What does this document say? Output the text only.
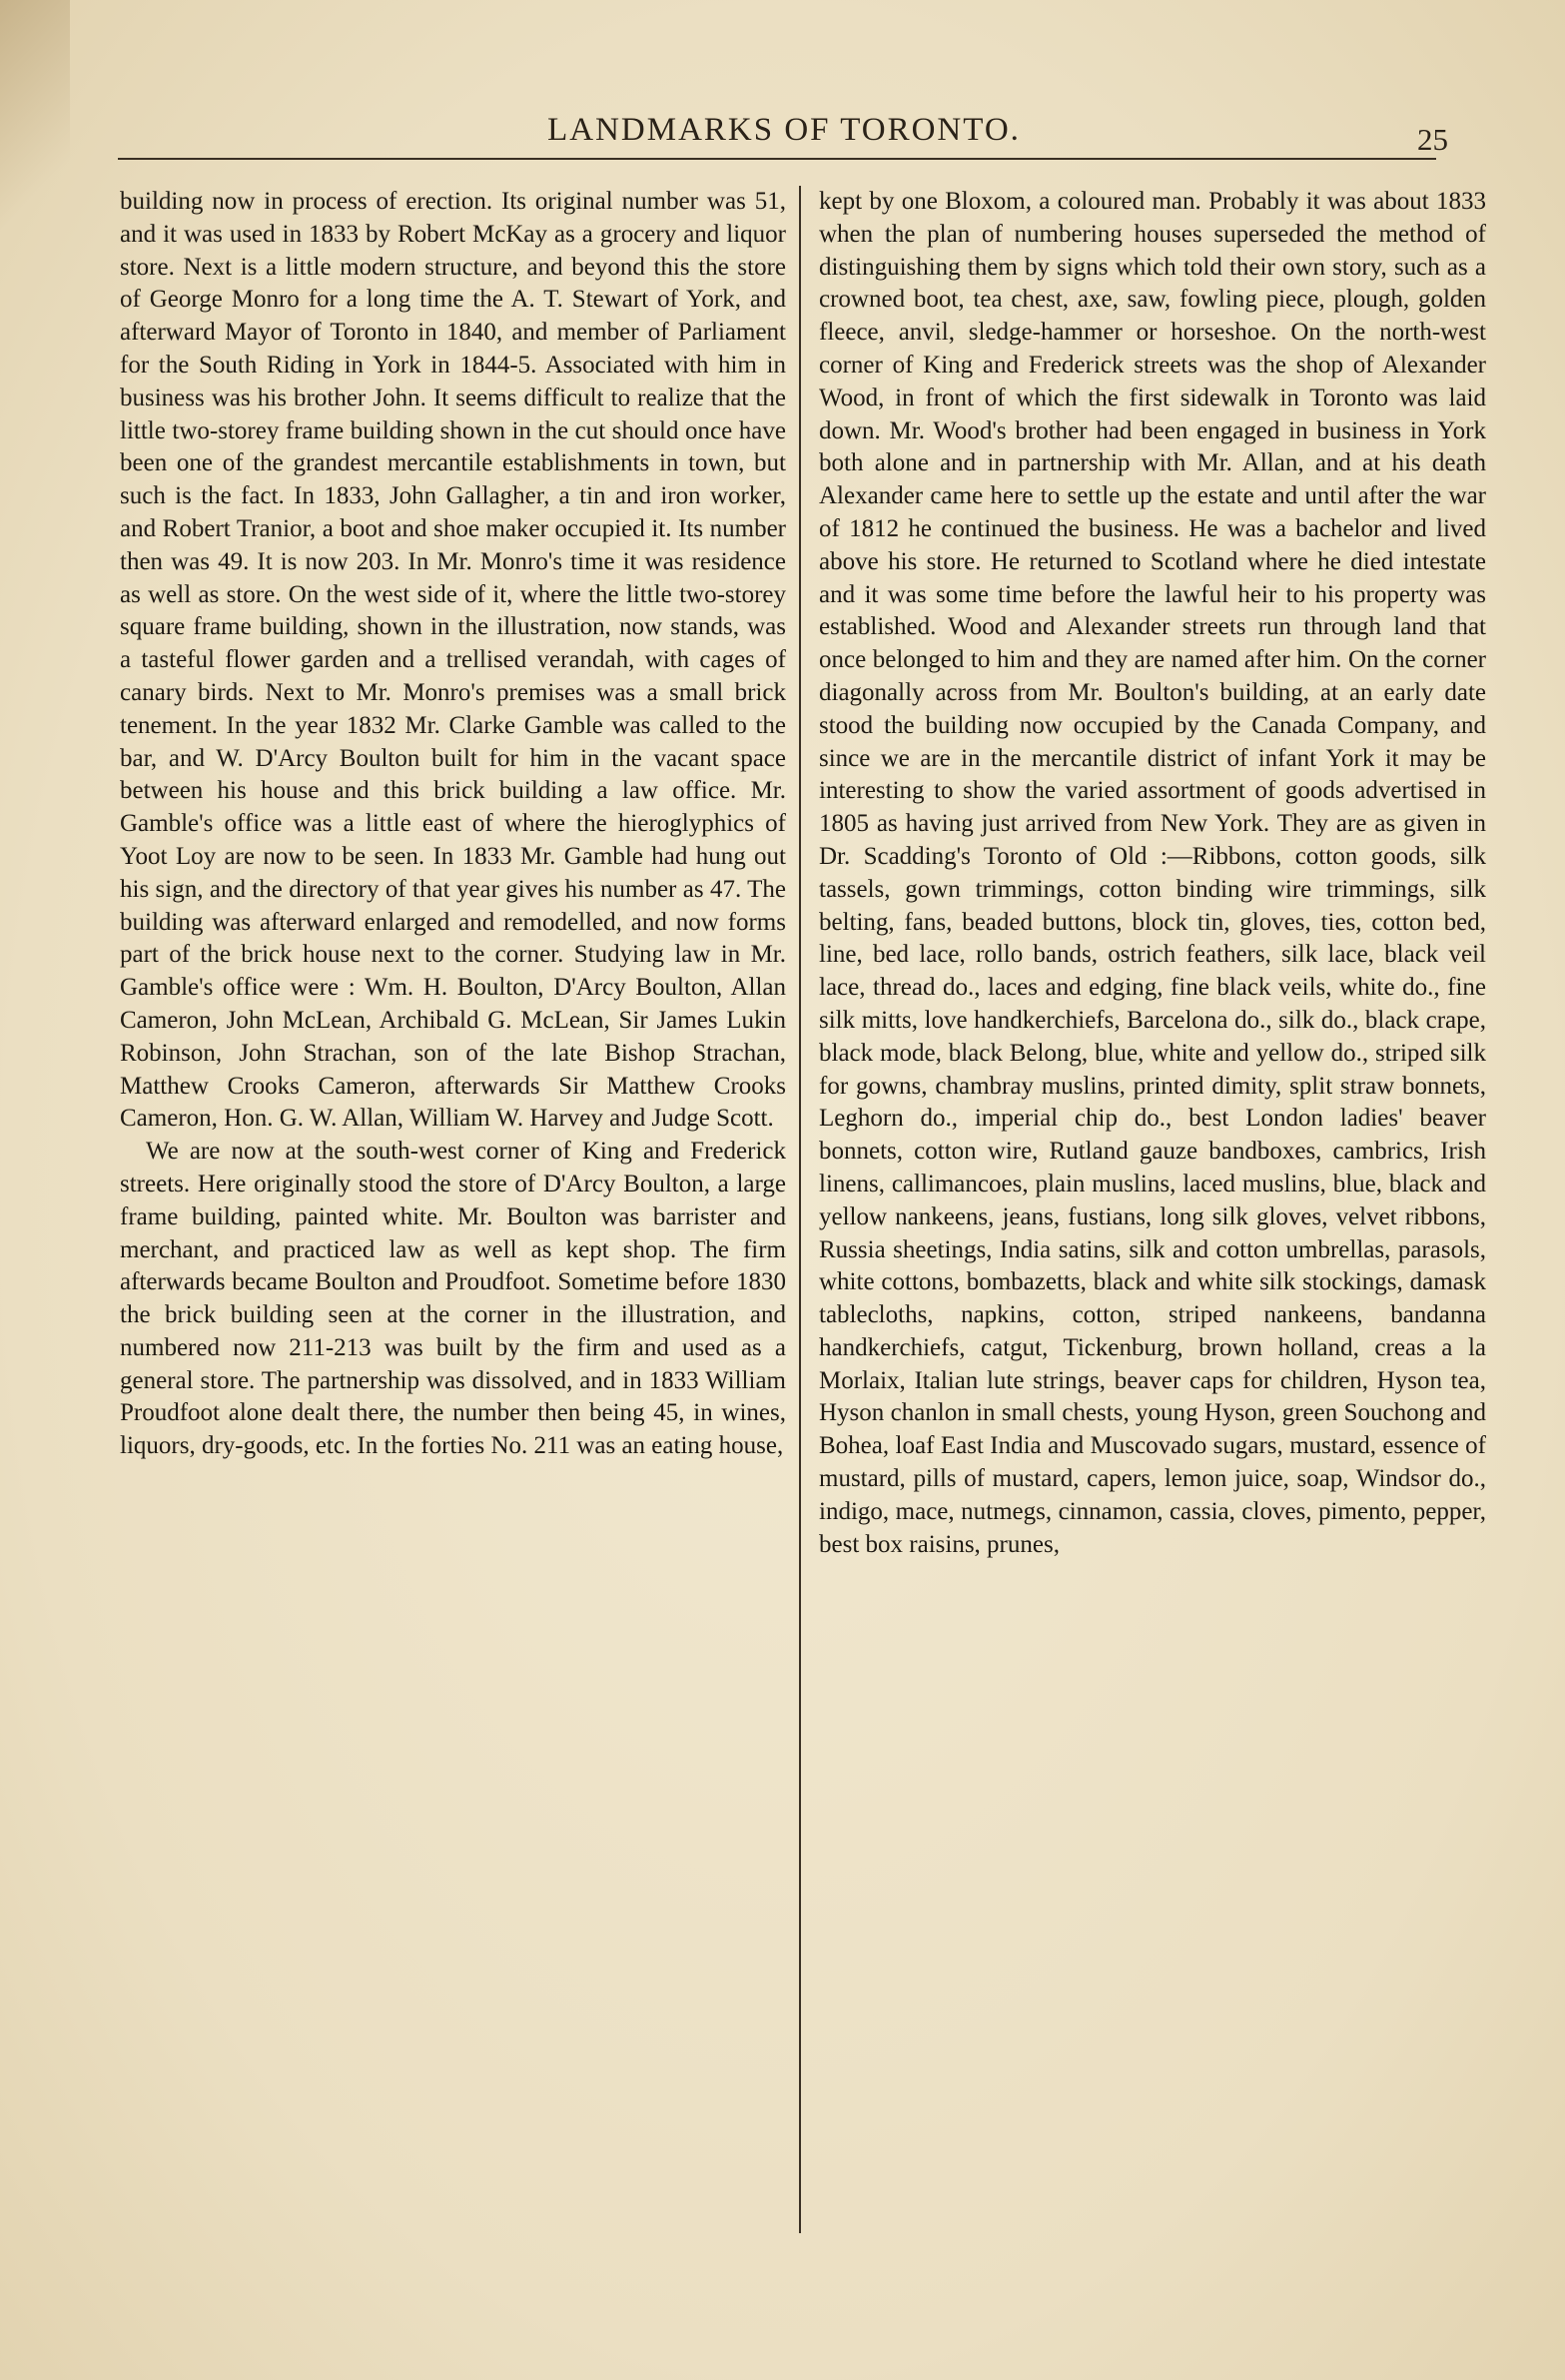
LANDMARKS OF TORONTO.	25

building now in process of erection. Its original number was 51, and it was used in 1833 by Robert McKay as a grocery and liquor store. Next is a little modern structure, and beyond this the store of George Monro for a long time the A. T. Stewart of York, and afterward Mayor of Toronto in 1840, and member of Parliament for the South Riding in York in 1844-5. Associated with him in business was his brother John. It seems difficult to realize that the little two-storey frame building shown in the cut should once have been one of the grandest mercantile establishments in town, but such is the fact. In 1833, John Gallagher, a tin and iron worker, and Robert Tranior, a boot and shoe maker occupied it. Its number then was 49. It is now 203. In Mr. Monro's time it was residence as well as store. On the west side of it, where the little two-storey square frame building, shown in the illustration, now stands, was a tasteful flower garden and a trellised verandah, with cages of canary birds. Next to Mr. Monro's premises was a small brick tenement. In the year 1832 Mr. Clarke Gamble was called to the bar, and W. D'Arcy Boulton built for him in the vacant space between his house and this brick building a law office. Mr. Gamble's office was a little east of where the hieroglyphics of Yoot Loy are now to be seen. In 1833 Mr. Gamble had hung out his sign, and the directory of that year gives his number as 47. The building was afterward enlarged and remodelled, and now forms part of the brick house next to the corner. Studying law in Mr. Gamble's office were : Wm. H. Boulton, D'Arcy Boulton, Allan Cameron, John McLean, Archibald G. McLean, Sir James Lukin Robinson, John Strachan, son of the late Bishop Strachan, Matthew Crooks Cameron, afterwards Sir Matthew Crooks Cameron, Hon. G. W. Allan, William W. Harvey and Judge Scott.

We are now at the south-west corner of King and Frederick streets. Here originally stood the store of D'Arcy Boulton, a large frame building, painted white. Mr. Boulton was barrister and merchant, and practiced law as well as kept shop. The firm afterwards became Boulton and Proudfoot. Sometime before 1830 the brick building seen at the corner in the illustration, and numbered now 211-213 was built by the firm and used as a general store. The partnership was dissolved, and in 1833 William Proudfoot alone dealt there, the number then being 45, in wines, liquors, dry-goods, etc. In the forties No. 211 was an eating house,

kept by one Bloxom, a coloured man. Probably it was about 1833 when the plan of numbering houses superseded the method of distinguishing them by signs which told their own story, such as a crowned boot, tea chest, axe, saw, fowling piece, plough, golden fleece, anvil, sledge-hammer or horseshoe. On the north-west corner of King and Frederick streets was the shop of Alexander Wood, in front of which the first sidewalk in Toronto was laid down. Mr. Wood's brother had been engaged in business in York both alone and in partnership with Mr. Allan, and at his death Alexander came here to settle up the estate and until after the war of 1812 he continued the business. He was a bachelor and lived above his store. He returned to Scotland where he died intestate and it was some time before the lawful heir to his property was established. Wood and Alexander streets run through land that once belonged to him and they are named after him. On the corner diagonally across from Mr. Boulton's building, at an early date stood the building now occupied by the Canada Company, and since we are in the mercantile district of infant York it may be interesting to show the varied assortment of goods advertised in 1805 as having just arrived from New York. They are as given in Dr. Scadding's Toronto of Old :—Ribbons, cotton goods, silk tassels, gown trimmings, cotton binding wire trimmings, silk belting, fans, beaded buttons, block tin, gloves, ties, cotton bed, line, bed lace, rollo bands, ostrich feathers, silk lace, black veil lace, thread do., laces and edging, fine black veils, white do., fine silk mitts, love handkerchiefs, Barcelona do., silk do., black crape, black mode, black Belong, blue, white and yellow do., striped silk for gowns, chambray muslins, printed dimity, split straw bonnets, Leghorn do., imperial chip do., best London ladies' beaver bonnets, cotton wire, Rutland gauze bandboxes, cambrics, Irish linens, callimancoes, plain muslins, laced muslins, blue, black and yellow nankeens, jeans, fustians, long silk gloves, velvet ribbons, Russia sheetings, India satins, silk and cotton umbrellas, parasols, white cottons, bombazetts, black and white silk stockings, damask tablecloths, napkins, cotton, striped nankeens, bandanna handkerchiefs, catgut, Tickenburg, brown holland, creas a la Morlaix, Italian lute strings, beaver caps for children, Hyson tea, Hyson chanlon in small chests, young Hyson, green Souchong and Bohea, loaf East India and Muscovado sugars, mustard, essence of mustard, pills of mustard, capers, lemon juice, soap, Windsor do., indigo, mace, nutmegs, cinnamon, cassia, cloves, pimento, pepper, best box raisins, prunes,
